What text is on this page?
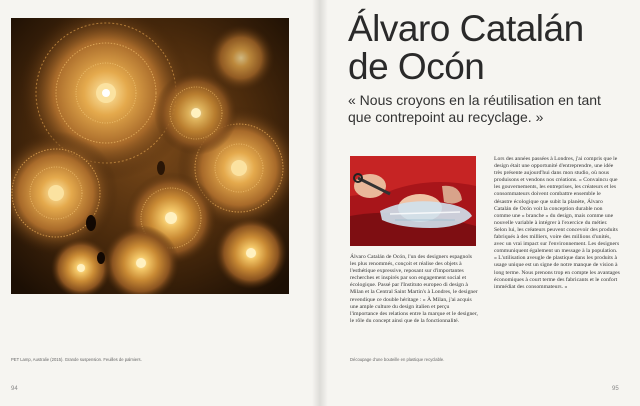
Álvaro Catalán
de Ocón

« Nous croyons en la réutilisation en tant que contrepoint au recyclage. »

Álvaro Catalán de Ocón, l'un des designers espagnols les plus renommés, conçoit et réalise des objets à l'esthétique expressive, reposant sur d'importantes recherches et inspirés par son engagement social et écologique. Passé par l'Instituto europeo di design à Milan et la Central Saint Martin's à Londres, le designer revendique ce double héritage : « À Milan, j'ai acquis une ample culture du design italien et perçu l'importance des relations entre la marque et le designer, le rôle du concept ainsi que de la fonctionnalité.

Lors des années passées à Londres, j'ai compris que le design était une opportunité d'entreprendre, une idée très présente aujourd'hui dans mon studio, où nous produisons et vendons nos créations. » Convaincu que les gouvernements, les entreprises, les créateurs et les consommateurs doivent combattre ensemble le désastre écologique que subit la planète, Álvaro Catalán de Ocón voit la conception durable non comme une « branche » du design, mais comme une nouvelle variable à intégrer à l'exercice du métier. Selon lui, les créateurs peuvent concevoir des produits fabriqués à des milliers, voire des millions d'unités, avec un vrai impact sur l'environnement. Les designers communiquent également un message à la population. « L'utilisation aveugle de plastique dans les produits à usage unique est un signe de notre manque de vision à long terme. Nous prenons trop en compte les avantages économiques à court terme des fabricants et le confort immédiat des consommateurs. »

PET Lamp, Australie (2015). Grande suspension. Feuilles de palmiers.	Découpage d'une bouteille en plastique recyclable.

94	95
